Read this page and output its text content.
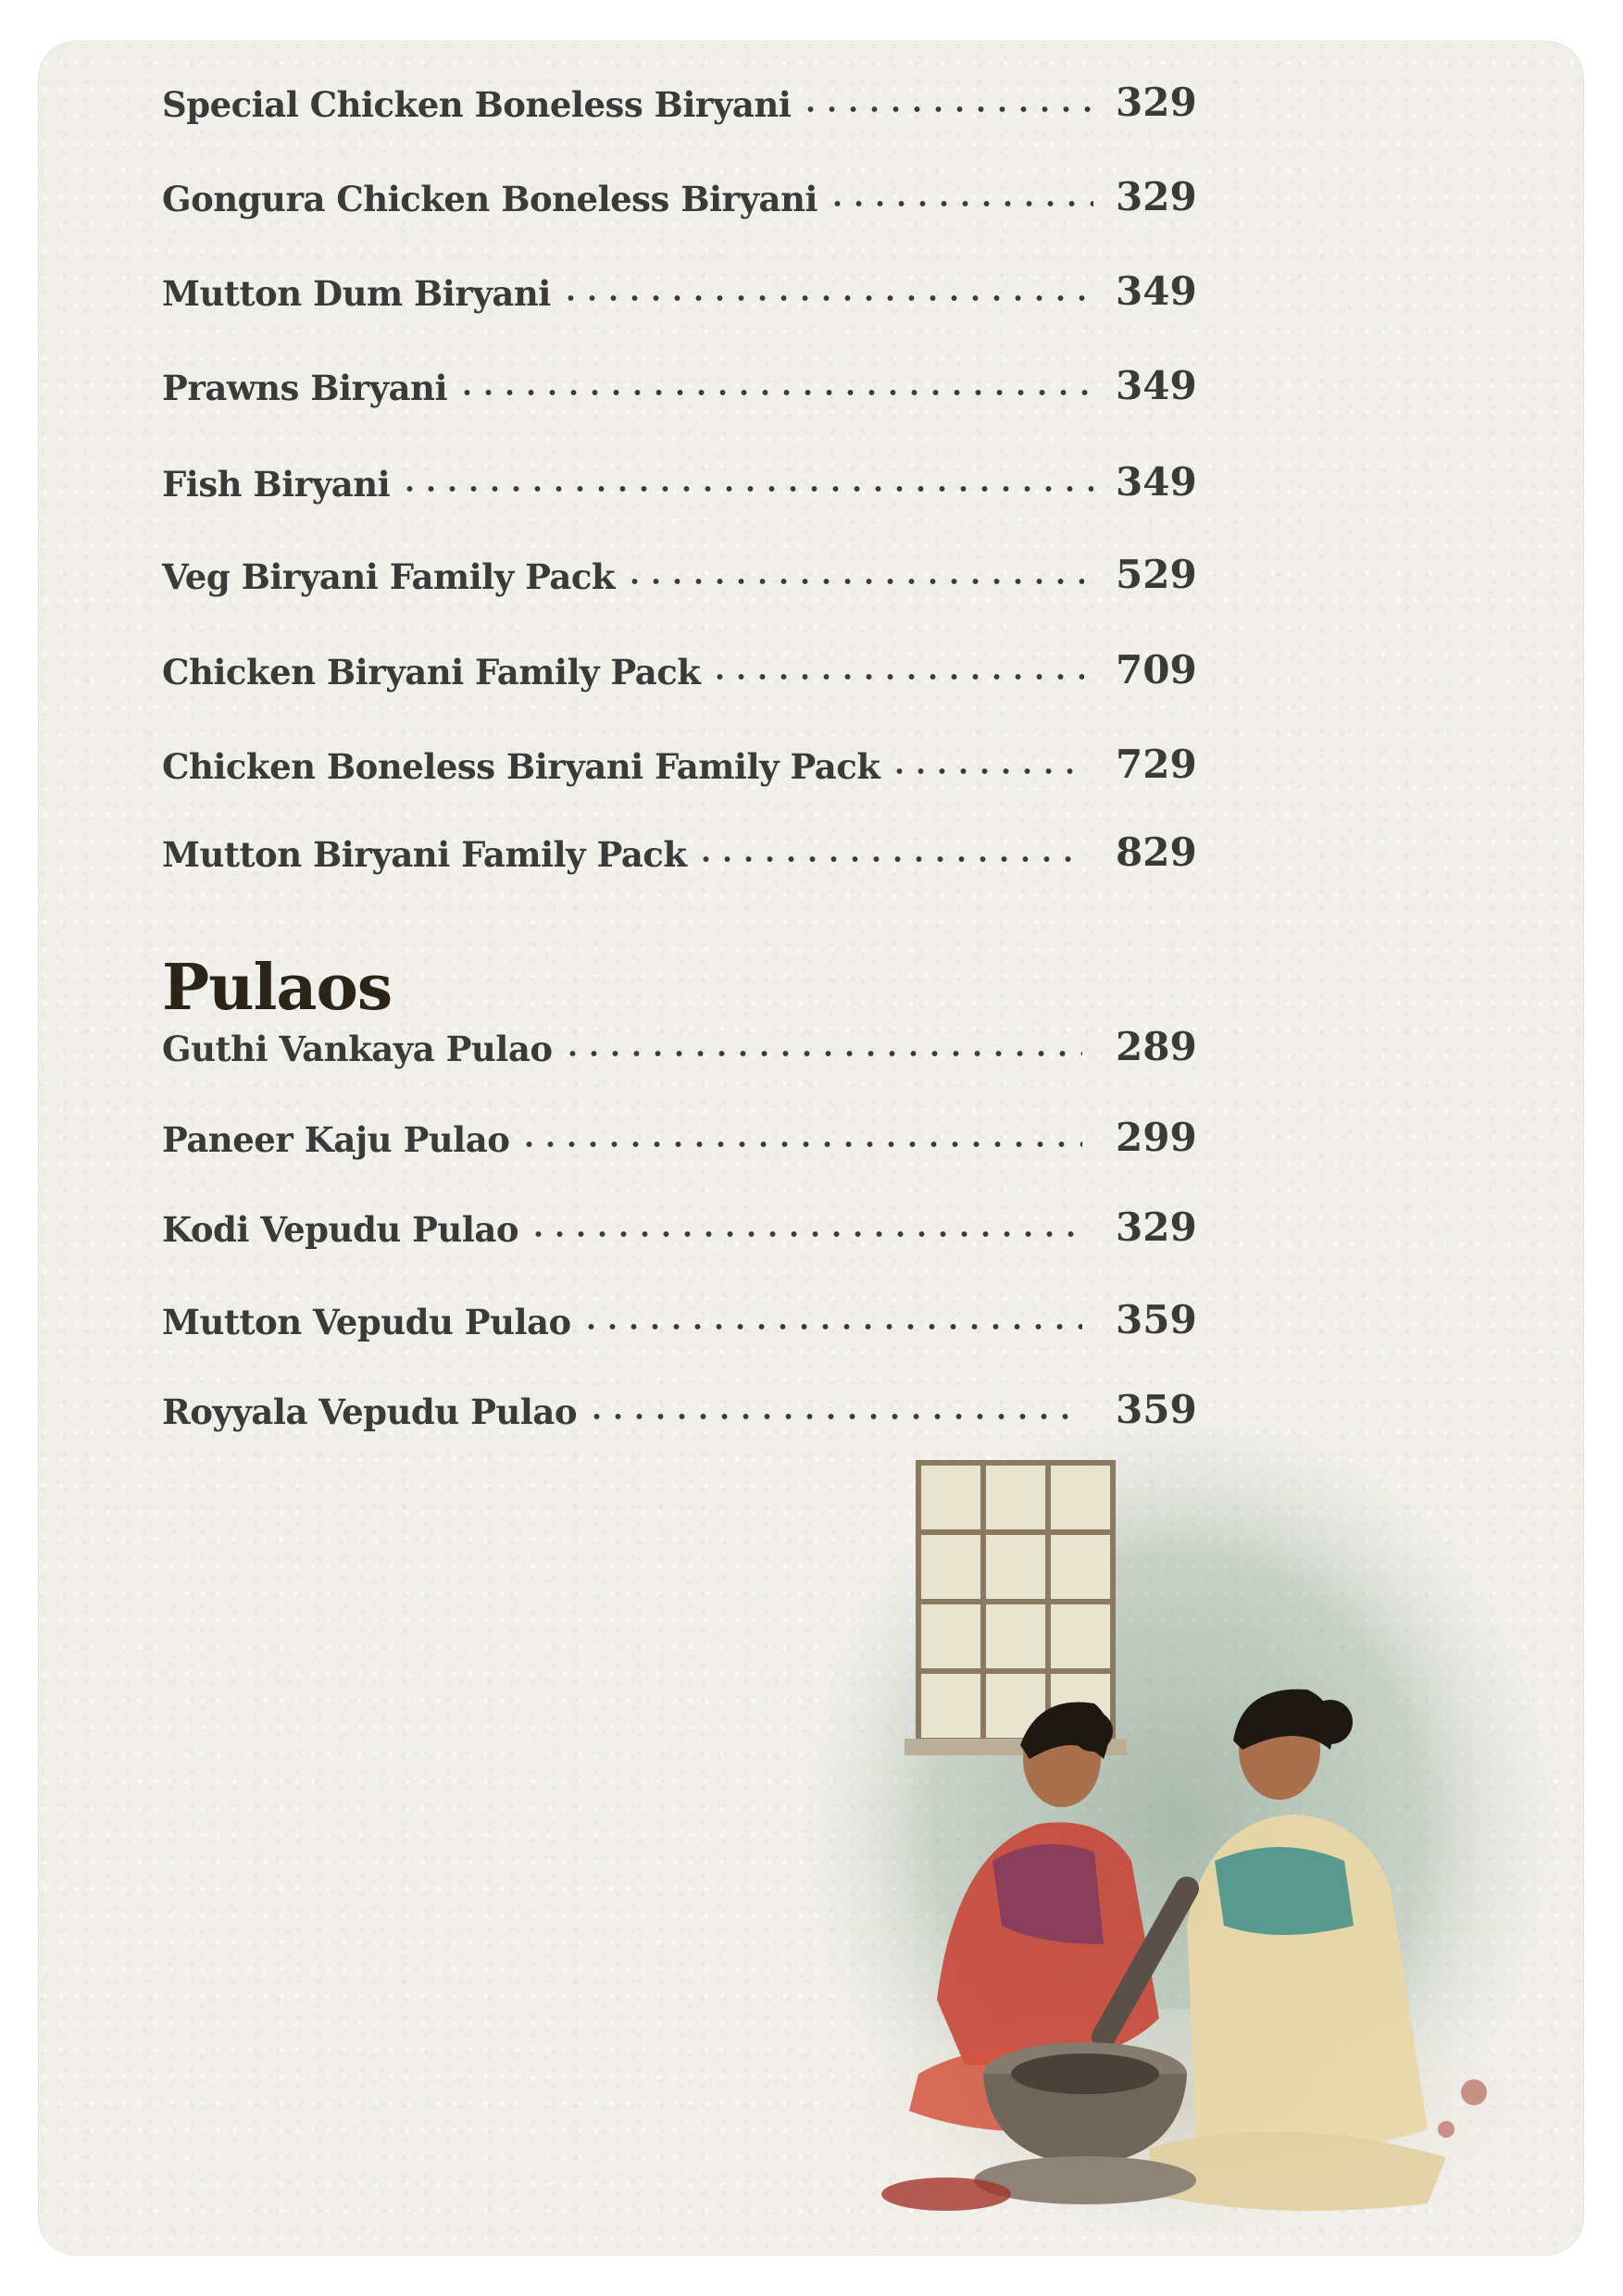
Special Chicken Boneless Biryani	329
Gongura Chicken Boneless Biryani	329
Mutton Dum Biryani	349
Prawns Biryani	349
Fish Biryani	349
Veg Biryani Family Pack	529
Chicken Biryani Family Pack	709
Chicken Boneless Biryani Family Pack	729
Mutton Biryani Family Pack	829
Pulaos
Guthi Vankaya Pulao	289
Paneer Kaju Pulao	299
Kodi Vepudu Pulao	329
Mutton Vepudu Pulao	359
Royyala Vepudu Pulao	359
